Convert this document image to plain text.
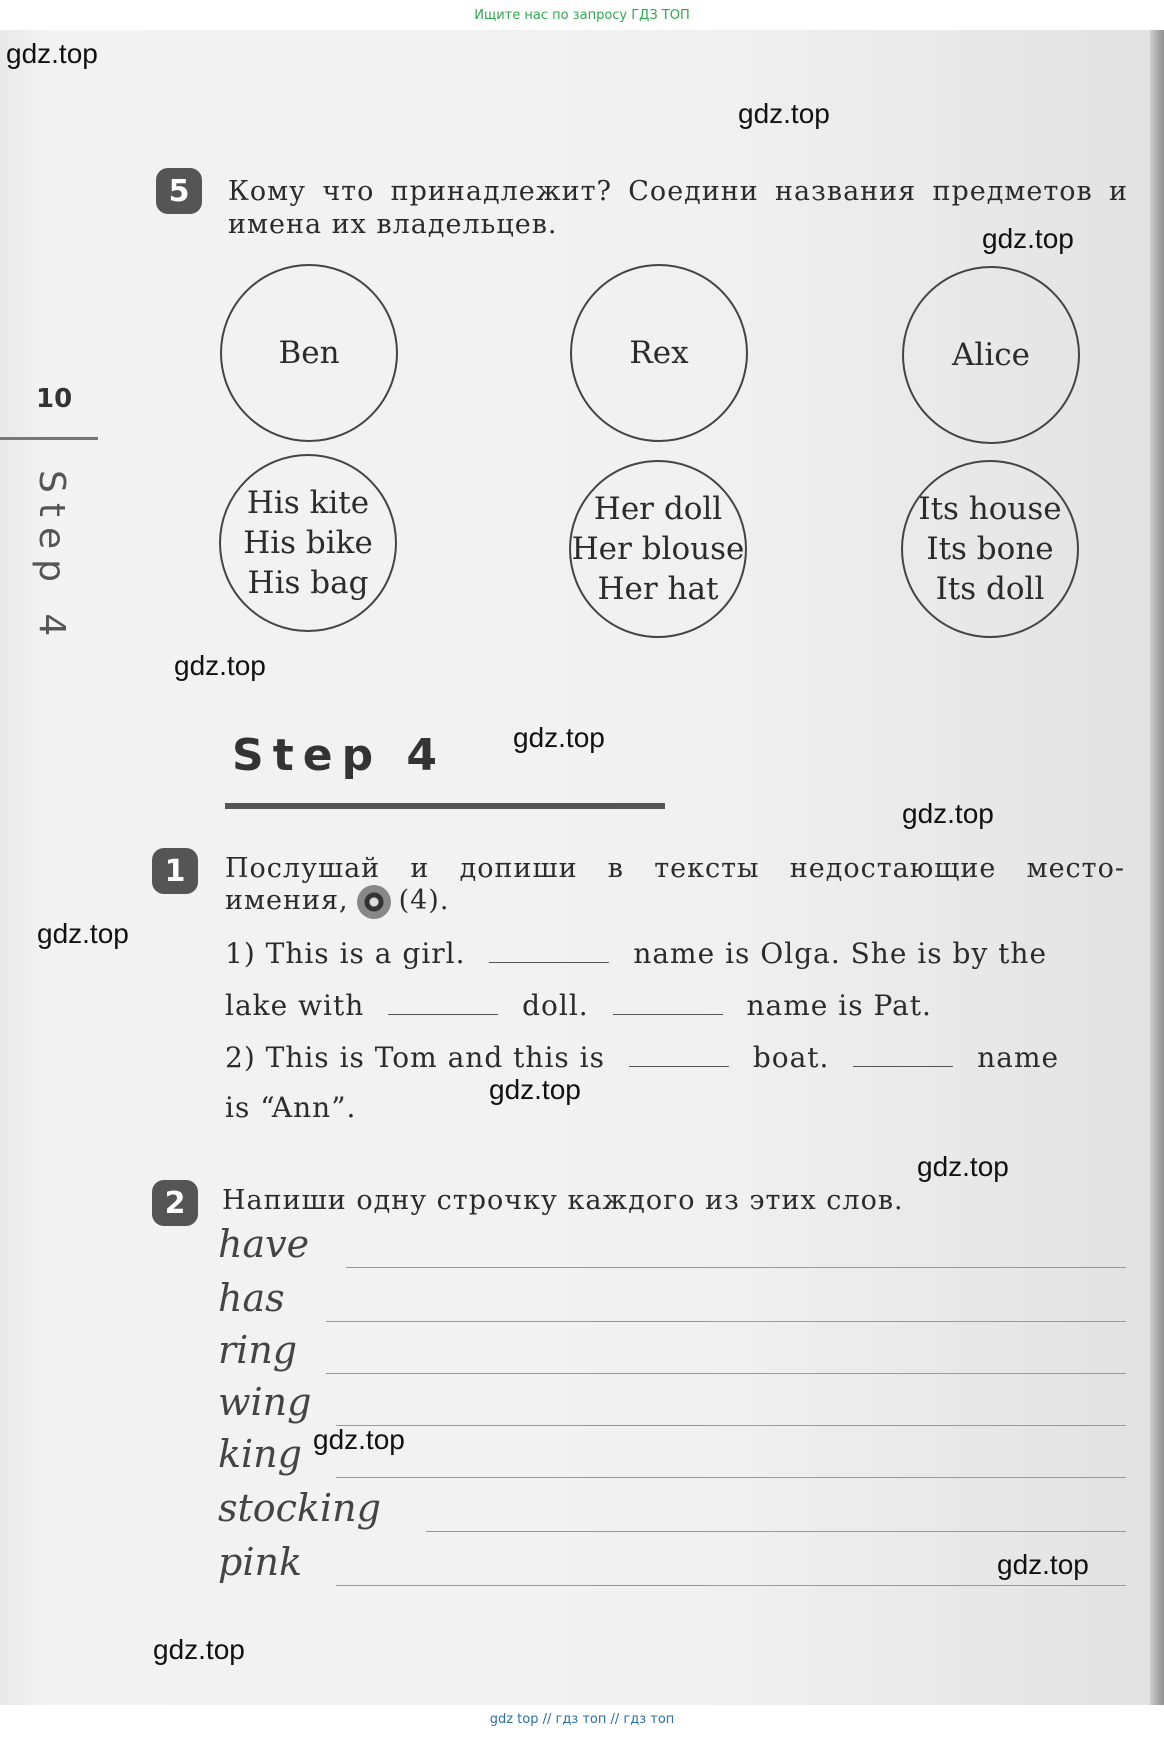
Ищите нас по запросу ГДЗ ТОП
gdz.top
gdz.top
gdz.top
gdz.top
gdz.top
gdz.top
gdz.top
gdz.top
gdz.top
gdz.top
gdz.top
gdz.top
10
Step 4
5	Кому что принадлежит? Соедини названия предметов и имена их владельцев.
Ben	Rex	Alice
His kite
His bike
His bag
Her doll
Her blouse
Her hat
Its house
Its bone
Its doll
Step 4
1	Послушай и допиши в тексты недостающие место-
имения, (4).
1) This is a girl.	name is Olga. She is by the
lake with	doll.	name is Pat.
2) This is Tom and this is	boat.	name
is “Ann”.
2	Напиши одну строчку каждого из этих слов.
have
has
ring
wing
king
stocking
pink
gdz top // гдз топ // гдз топ
